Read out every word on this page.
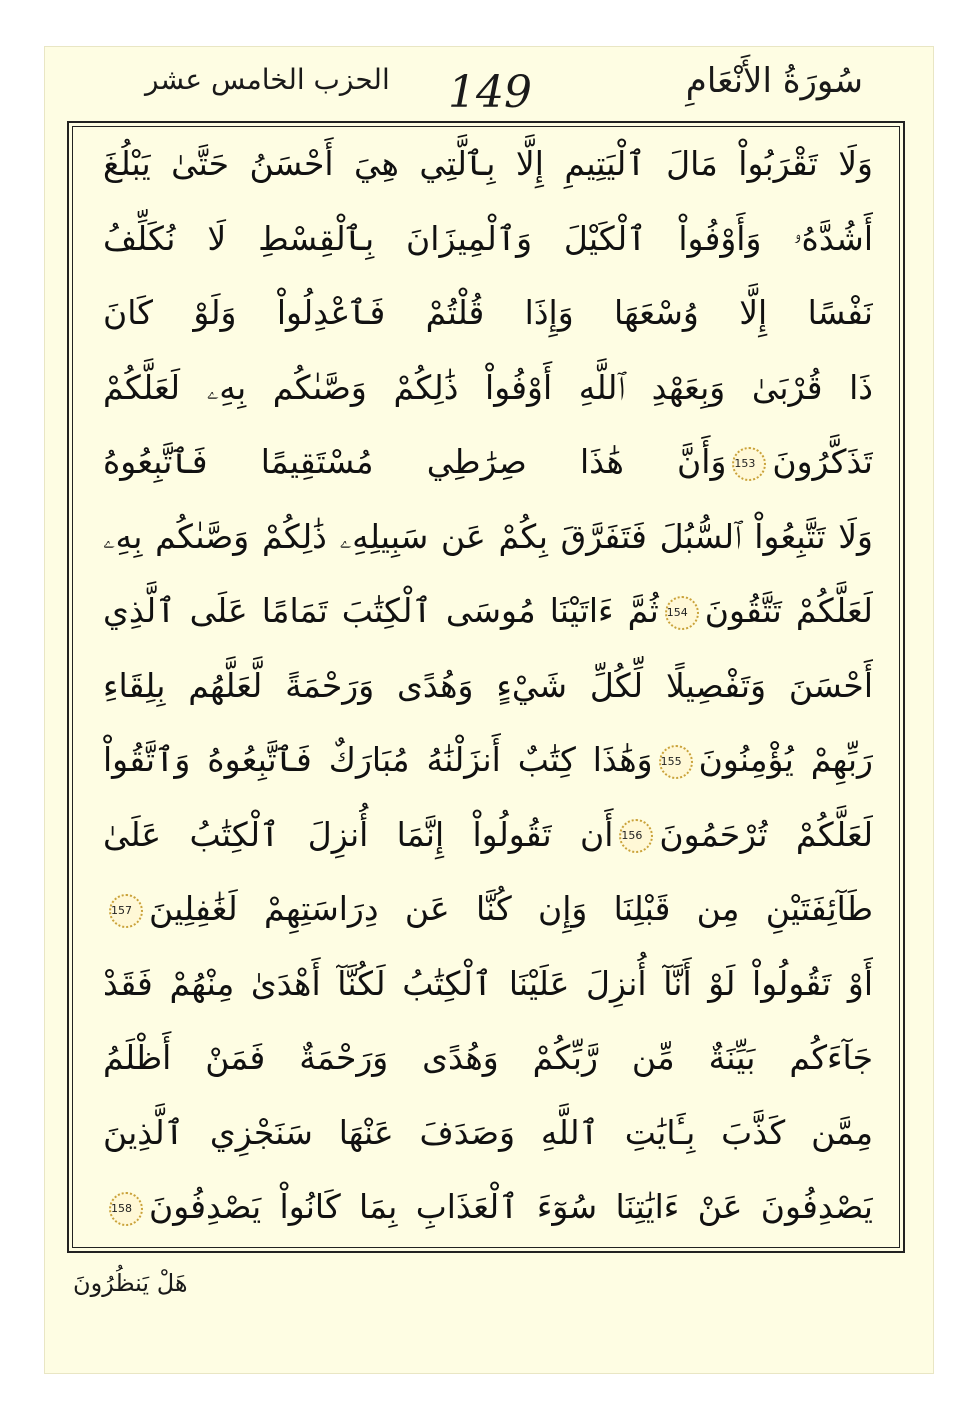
سُورَةُ الأَنْعَامِ
149
الحزب الخامس عشر
وَلَا تَقْرَبُواْ مَالَ ٱلْيَتِيمِ إِلَّا بِٱلَّتِي هِيَ أَحْسَنُ حَتَّىٰ يَبْلُغَ
أَشُدَّهُۥ وَأَوْفُواْ ٱلْكَيْلَ وَٱلْمِيزَانَ بِٱلْقِسْطِ لَا نُكَلِّفُ
نَفْسًا إِلَّا وُسْعَهَا وَإِذَا قُلْتُمْ فَٱعْدِلُواْ وَلَوْ كَانَ
ذَا قُرْبَىٰ وَبِعَهْدِ ٱللَّهِ أَوْفُواْ ذَٰلِكُمْ وَصَّىٰكُم بِهِۦ لَعَلَّكُمْ
تَذَكَّرُونَ153وَأَنَّ هَٰذَا صِرَٰطِي مُسْتَقِيمًا فَٱتَّبِعُوهُ
وَلَا تَتَّبِعُواْ ٱلسُّبُلَ فَتَفَرَّقَ بِكُمْ عَن سَبِيلِهِۦ ذَٰلِكُمْ وَصَّىٰكُم بِهِۦ
لَعَلَّكُمْ تَتَّقُونَ154ثُمَّ ءَاتَيْنَا مُوسَى ٱلْكِتَٰبَ تَمَامًا عَلَى ٱلَّذِي
أَحْسَنَ وَتَفْصِيلًا لِّكُلِّ شَيْءٍ وَهُدًى وَرَحْمَةً لَّعَلَّهُم بِلِقَاءِ
رَبِّهِمْ يُؤْمِنُونَ155وَهَٰذَا كِتَٰبٌ أَنزَلْنَٰهُ مُبَارَكٌ فَٱتَّبِعُوهُ وَٱتَّقُواْ
لَعَلَّكُمْ تُرْحَمُونَ156أَن تَقُولُواْ إِنَّمَا أُنزِلَ ٱلْكِتَٰبُ عَلَىٰ
طَآئِفَتَيْنِ مِن قَبْلِنَا وَإِن كُنَّا عَن دِرَاسَتِهِمْ لَغَٰفِلِينَ157
أَوْ تَقُولُواْ لَوْ أَنَّآ أُنزِلَ عَلَيْنَا ٱلْكِتَٰبُ لَكُنَّآ أَهْدَىٰ مِنْهُمْ فَقَدْ
جَآءَكُم بَيِّنَةٌ مِّن رَّبِّكُمْ وَهُدًى وَرَحْمَةٌ فَمَنْ أَظْلَمُ
مِمَّن كَذَّبَ بِـَٔايَٰتِ ٱللَّهِ وَصَدَفَ عَنْهَا سَنَجْزِي ٱلَّذِينَ
يَصْدِفُونَ عَنْ ءَايَٰتِنَا سُوٓءَ ٱلْعَذَابِ بِمَا كَانُواْ يَصْدِفُونَ158
هَلْ يَنظُرُونَ
